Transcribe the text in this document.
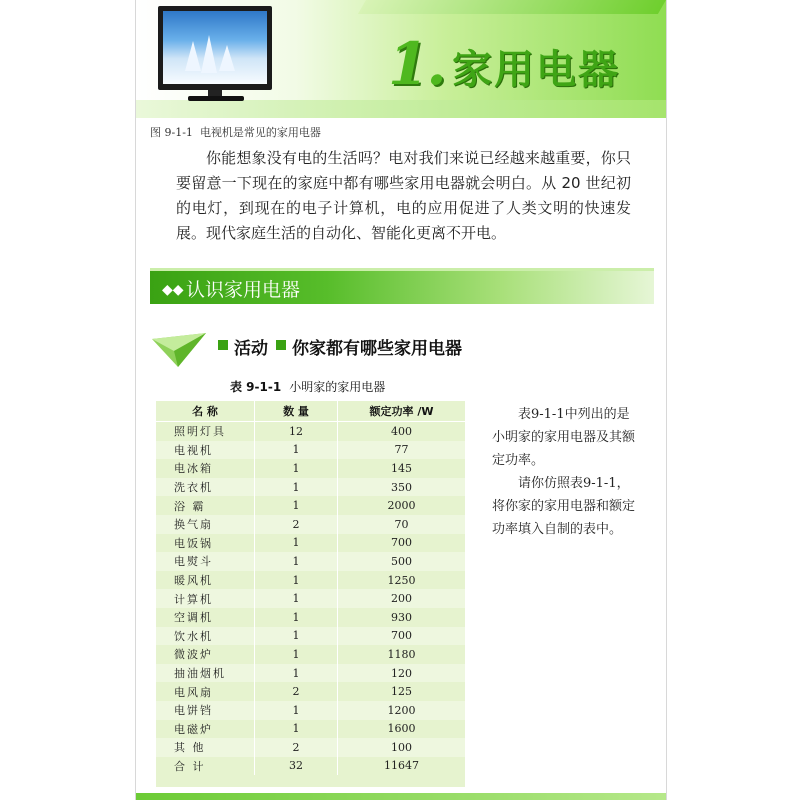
1. 家用电器
图 9-1-1 电视机是常见的家用电器
你能想象没有电的生活吗？电对我们来说已经越来越重要，你只要留意一下现在的家庭中都有哪些家用电器就会明白。从 20 世纪初的电灯，到现在的电子计算机，电的应用促进了人类文明的快速发展。现代家庭生活的自动化、智能化更离不开电。
◆◆ 认识家用电器
活动 你家都有哪些家用电器
表 9-1-1 小明家的家用电器
名 称	数 量	额定功率 /W
照明灯具	12	400
电视机	1	77
电冰箱	1	145
洗衣机	1	350
浴 霸	1	2000
换气扇	2	70
电饭锅	1	700
电熨斗	1	500
暖风机	1	1250
计算机	1	200
空调机	1	930
饮水机	1	700
微波炉	1	1180
抽油烟机	1	120
电风扇	2	125
电饼铛	1	1200
电磁炉	1	1600
其 他	2	100
合 计	32	11647

表9-1-1中列出的是小明家的家用电器及其额定功率。

请你仿照表9-1-1，将你家的家用电器和额定功率填入自制的表中。
